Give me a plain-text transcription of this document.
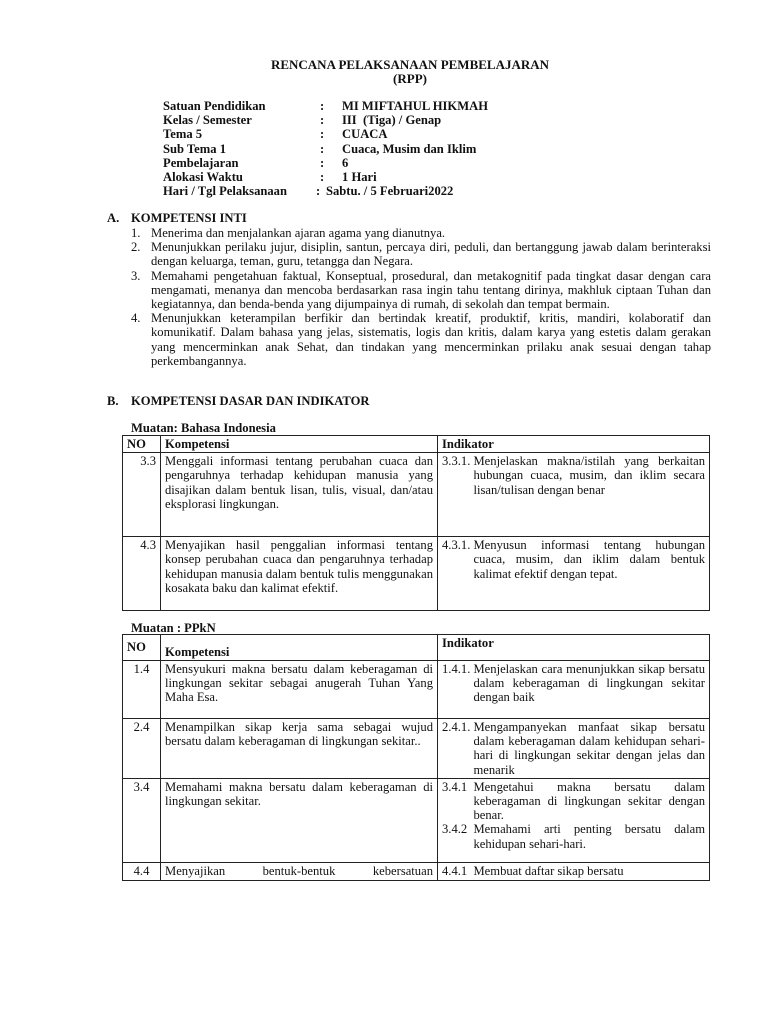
RENCANA PELAKSANAAN PEMBELAJARAN
(RPP)
Satuan Pendidikan	:	MI MIFTAHUL HIKMAH
Kelas / Semester	:	III  (Tiga) / Genap
Tema 5	:	CUACA
Sub Tema 1	:	Cuaca, Musim dan Iklim
Pembelajaran	:	6
Alokasi Waktu	:	1 Hari
Hari / Tgl Pelaksanaan	: Sabtu. / 5 Februari2022
A. KOMPETENSI INTI
1. Menerima dan menjalankan ajaran agama yang dianutnya.
2. Menunjukkan perilaku jujur, disiplin, santun, percaya diri, peduli, dan bertanggung jawab dalam berinteraksi dengan keluarga, teman, guru, tetangga dan Negara.
3. Memahami pengetahuan faktual, Konseptual, prosedural, dan metakognitif pada tingkat dasar dengan cara mengamati, menanya dan mencoba berdasarkan rasa ingin tahu tentang dirinya, makhluk ciptaan Tuhan dan kegiatannya, dan benda-benda yang dijumpainya di rumah, di sekolah dan tempat bermain.
4. Menunjukkan keterampilan berfikir dan bertindak kreatif, produktif, kritis, mandiri, kolaboratif dan komunikatif. Dalam bahasa yang jelas, sistematis, logis dan kritis, dalam karya yang estetis dalam gerakan yang mencerminkan anak Sehat, dan tindakan yang mencerminkan prilaku anak sesuai dengan tahap perkembangannya.
B. KOMPETENSI DASAR DAN INDIKATOR
Muatan: Bahasa Indonesia
NO	Kompetensi	Indikator
3.3	Menggali informasi tentang perubahan cuaca dan pengaruhnya terhadap kehidupan manusia yang disajikan dalam bentuk lisan, tulis, visual, dan/atau eksplorasi lingkungan.	3.3.1. Menjelaskan makna/istilah yang berkaitan hubungan cuaca, musim, dan iklim secara lisan/tulisan dengan benar

4.3	Menyajikan hasil penggalian informasi tentang konsep perubahan cuaca dan pengaruhnya terhadap kehidupan manusia dalam bentuk tulis menggunakan kosakata baku dan kalimat efektif.	4.3.1. Menyusun informasi tentang hubungan cuaca, musim, dan iklim dalam bentuk kalimat efektif dengan tepat.
Muatan : PPkN
NO	Kompetensi	Indikator
1.4	Mensyukuri makna bersatu dalam keberagaman di lingkungan sekitar sebagai anugerah Tuhan Yang Maha Esa.	1.4.1. Menjelaskan cara menunjukkan sikap bersatu dalam keberagaman di lingkungan sekitar dengan baik

2.4	Menampilkan sikap kerja sama sebagai wujud bersatu dalam keberagaman di lingkungan sekitar..	2.4.1. Mengampanyekan manfaat sikap bersatu dalam keberagaman dalam kehidupan sehari-hari di lingkungan sekitar dengan jelas dan menarik

3.4	Memahami makna bersatu dalam keberagaman di lingkungan sekitar.	3.4.1 Mengetahui makna bersatu dalam keberagaman di lingkungan sekitar dengan benar.
3.4.2 Memahami arti penting bersatu dalam kehidupan sehari-hari.

4.4	Menyajikan bentuk-bentuk kebersatuan	4.4.1 Membuat daftar sikap bersatu
